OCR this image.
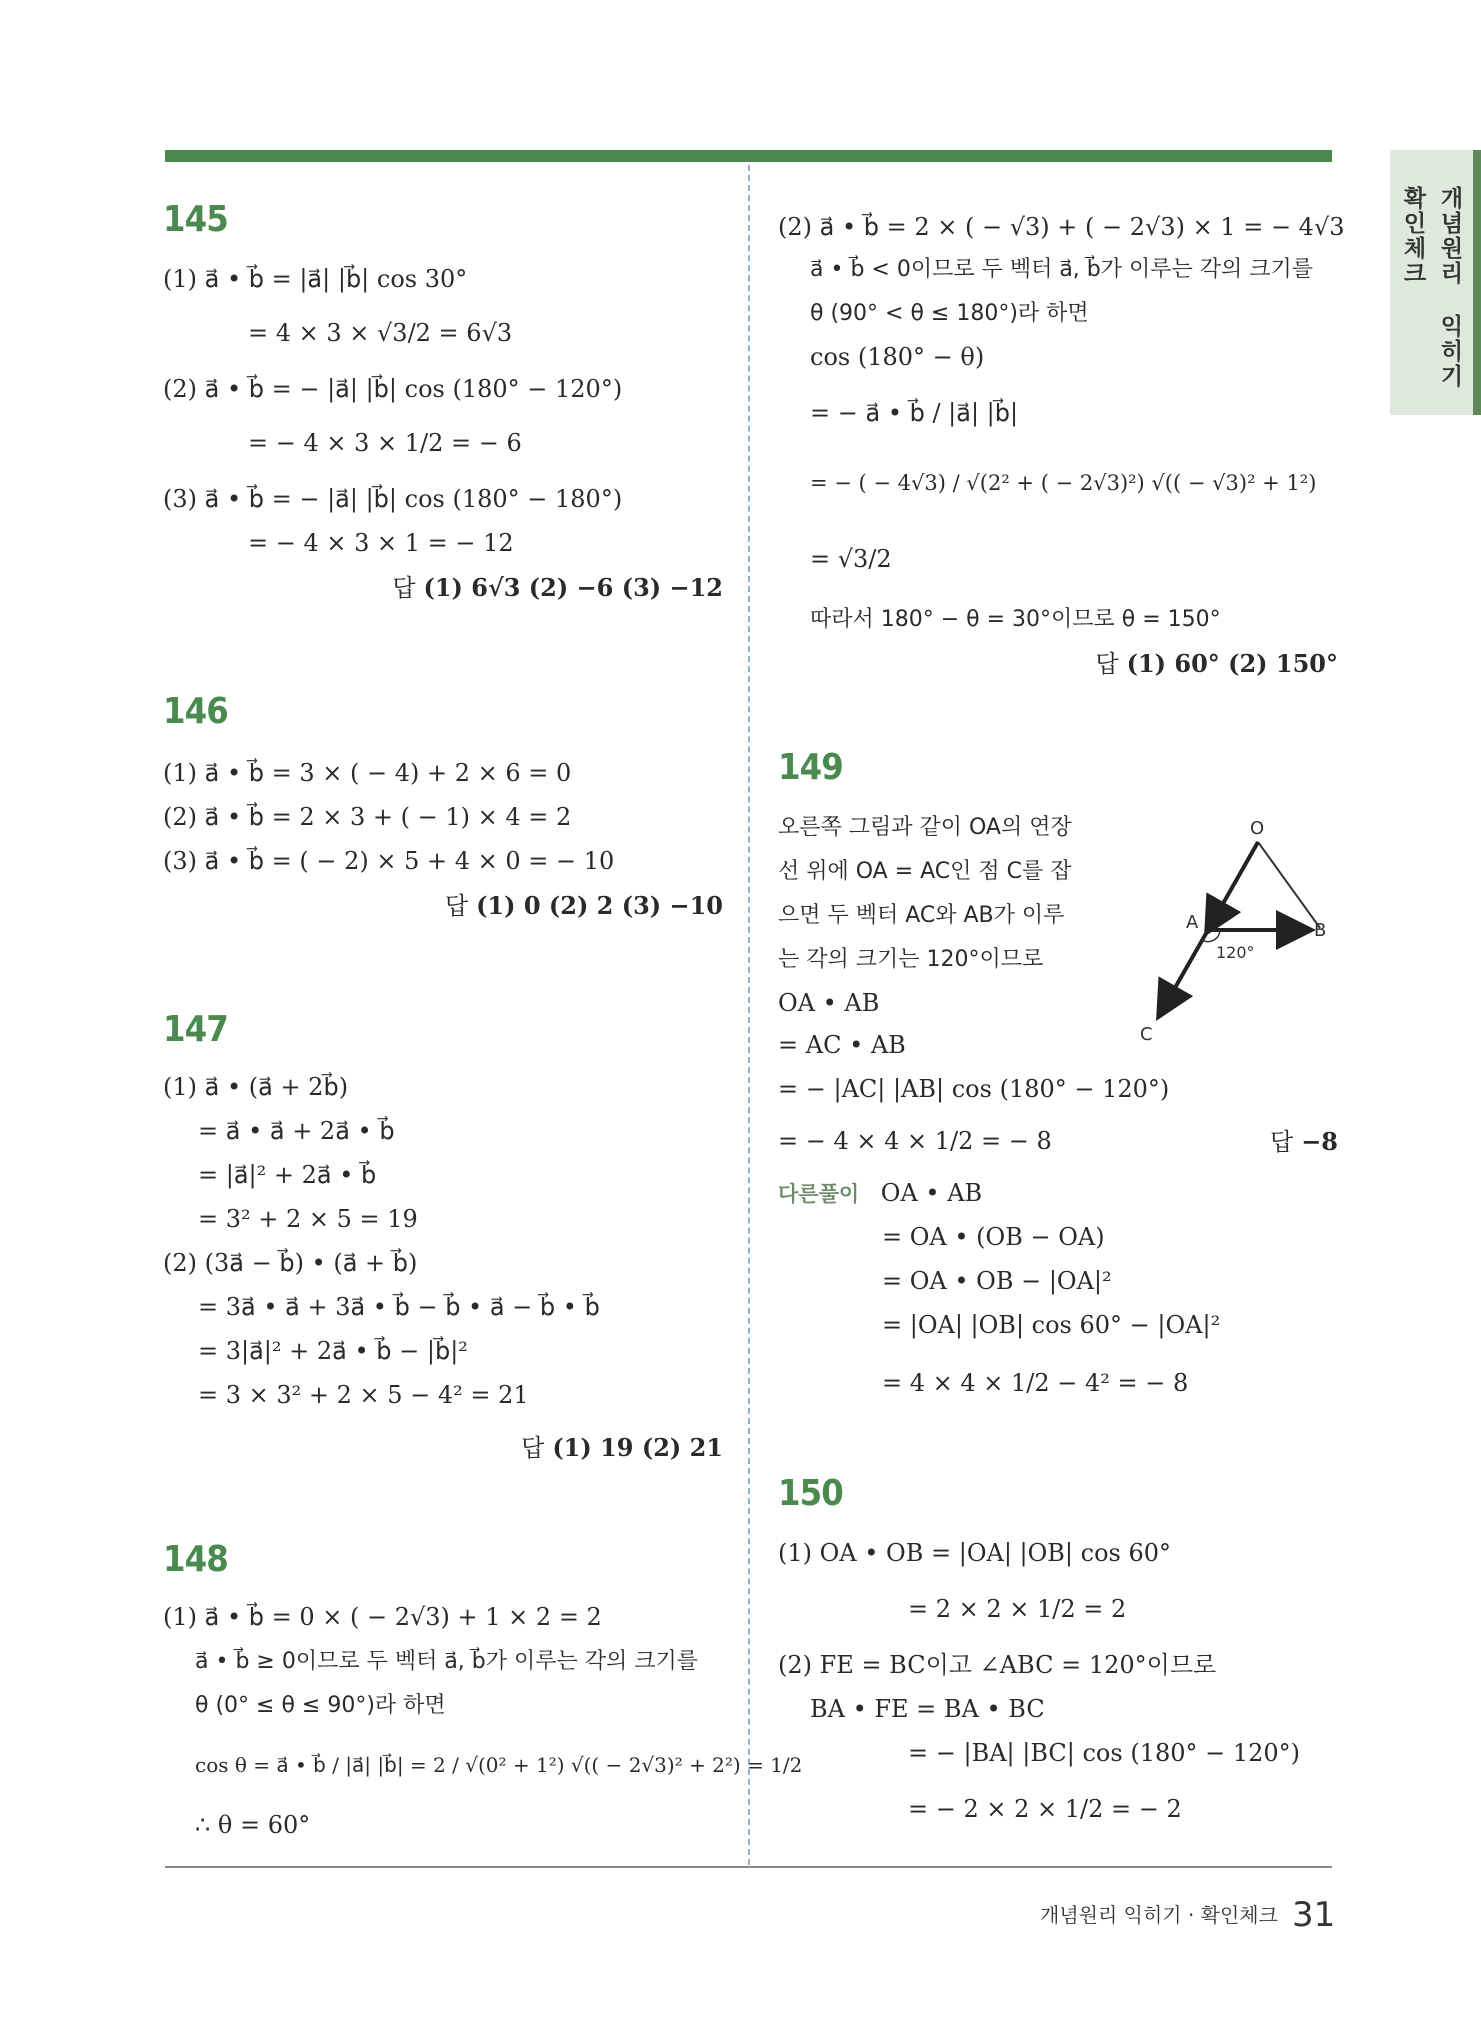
개념원리 익히기
확인체크
145
(1) a⃗ • b⃗ = |a⃗| |b⃗| cos 30°
= 4 × 3 × √3/2 = 6√3
(2) a⃗ • b⃗ = − |a⃗| |b⃗| cos (180° − 120°)
= − 4 × 3 × 1/2 = − 6
(3) a⃗ • b⃗ = − |a⃗| |b⃗| cos (180° − 180°)
= − 4 × 3 × 1 = − 12
답 (1) 6√3 (2) −6 (3) −12
146
(1) a⃗ • b⃗ = 3 × ( − 4) + 2 × 6 = 0
(2) a⃗ • b⃗ = 2 × 3 + ( − 1) × 4 = 2
(3) a⃗ • b⃗ = ( − 2) × 5 + 4 × 0 = − 10
답 (1) 0 (2) 2 (3) −10
147
(1) a⃗ • (a⃗ + 2b⃗)
= a⃗ • a⃗ + 2a⃗ • b⃗
= |a⃗|² + 2a⃗ • b⃗
= 3² + 2 × 5 = 19
(2) (3a⃗ − b⃗) • (a⃗ + b⃗)
= 3a⃗ • a⃗ + 3a⃗ • b⃗ − b⃗ • a⃗ − b⃗ • b⃗
= 3|a⃗|² + 2a⃗ • b⃗ − |b⃗|²
= 3 × 3² + 2 × 5 − 4² = 21
답 (1) 19 (2) 21
148
(1) a⃗ • b⃗ = 0 × ( − 2√3) + 1 × 2 = 2
a⃗ • b⃗ ≥ 0이므로 두 벡터 a⃗, b⃗가 이루는 각의 크기를
θ (0° ≤ θ ≤ 90°)라 하면
cos θ = a⃗ • b⃗ / |a⃗| |b⃗| = 2 / √(0² + 1²) √(( − 2√3)² + 2²) = 1/2
∴ θ = 60°
(2) a⃗ • b⃗ = 2 × ( − √3) + ( − 2√3) × 1 = − 4√3
a⃗ • b⃗ < 0이므로 두 벡터 a⃗, b⃗가 이루는 각의 크기를
θ (90° < θ ≤ 180°)라 하면
cos (180° − θ)
= − a⃗ • b⃗ / |a⃗| |b⃗|
= − ( − 4√3) / √(2² + ( − 2√3)²) √(( − √3)² + 1²)
= √3/2
따라서 180° − θ = 30°이므로 θ = 150°
답 (1) 60° (2) 150°
149
오른쪽 그림과 같이 OA의 연장
선 위에 OA = AC인 점 C를 잡
으면 두 벡터 AC와 AB가 이루
는 각의 크기는 120°이므로
OA • AB
= AC • AB
= − |AC| |AB| cos (180° − 120°)
= − 4 × 4 × 1/2 = − 8	답 −8
다른풀이 OA • AB
= OA • (OB − OA)
= OA • OB − |OA|²
= |OA| |OB| cos 60° − |OA|²
= 4 × 4 × 1/2 − 4² = − 8
150
(1) OA • OB = |OA| |OB| cos 60°
= 2 × 2 × 1/2 = 2
(2) FE = BC이고 ∠ABC = 120°이므로
BA • FE = BA • BC
= − |BA| |BC| cos (180° − 120°)
= − 2 × 2 × 1/2 = − 2
O
A	B
C
120°
개념원리 익히기 · 확인체크 31
